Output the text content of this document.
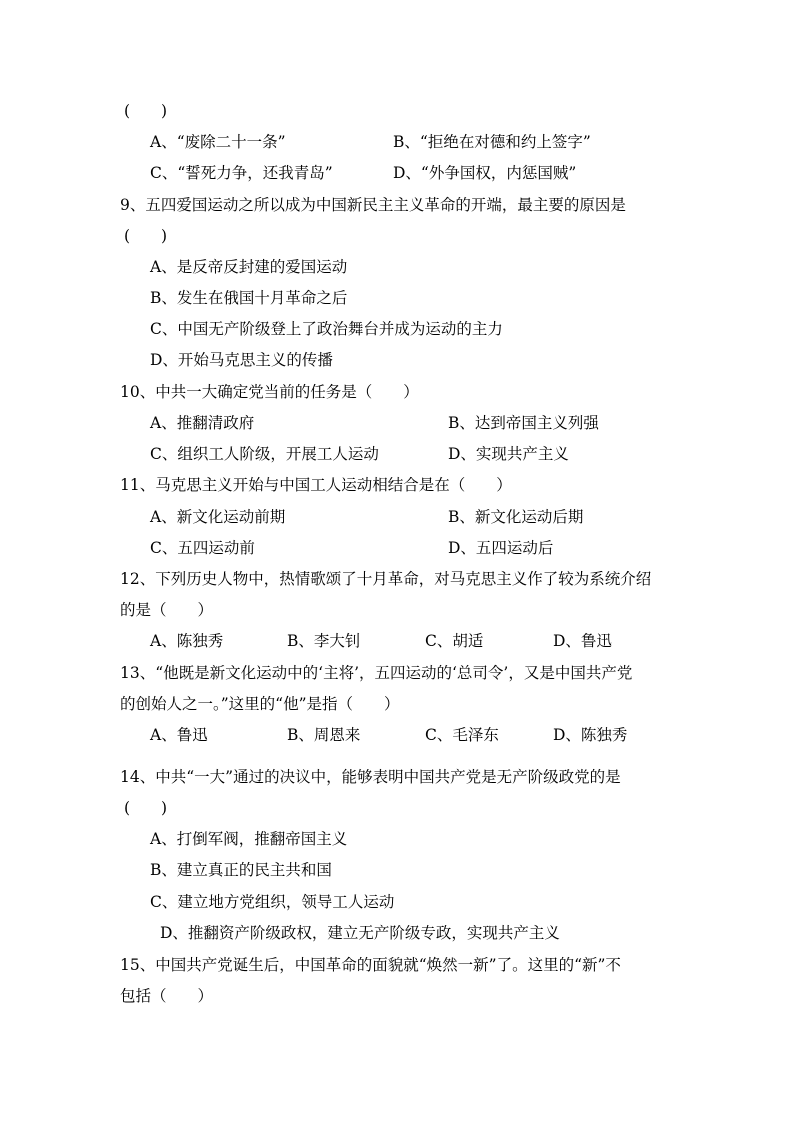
(　　)
A、“废除二十一条”	B、“拒绝在对德和约上签字”
C、“誓死力争，还我青岛”	D、“外争国权，内惩国贼”
9、五四爱国运动之所以成为中国新民主主义革命的开端，最主要的原因是
(　　)
A、是反帝反封建的爱国运动
B、发生在俄国十月革命之后
C、中国无产阶级登上了政治舞台并成为运动的主力
D、开始马克思主义的传播
10、中共一大确定党当前的任务是（　　）
A、推翻清政府	B、达到帝国主义列强
C、组织工人阶级，开展工人运动	D、实现共产主义
11、马克思主义开始与中国工人运动相结合是在（　　）
A、新文化运动前期	B、新文化运动后期
C、五四运动前	D、五四运动后
12、下列历史人物中，热情歌颂了十月革命，对马克思主义作了较为系统介绍
的是（　　）
A、陈独秀	B、李大钊	C、胡适	D、鲁迅
13、“他既是新文化运动中的‘主将’，五四运动的‘总司令’，又是中国共产党
的创始人之一。”这里的“他”是指（　　）
A、鲁迅	B、周恩来	C、毛泽东	D、陈独秀
14、中共“一大”通过的决议中，能够表明中国共产党是无产阶级政党的是
(　　)
A、打倒军阀，推翻帝国主义
B、建立真正的民主共和国
C、建立地方党组织，领导工人运动
D、推翻资产阶级政权，建立无产阶级专政，实现共产主义
15、中国共产党诞生后，中国革命的面貌就“焕然一新”了。这里的“新”不
包括（　　）
